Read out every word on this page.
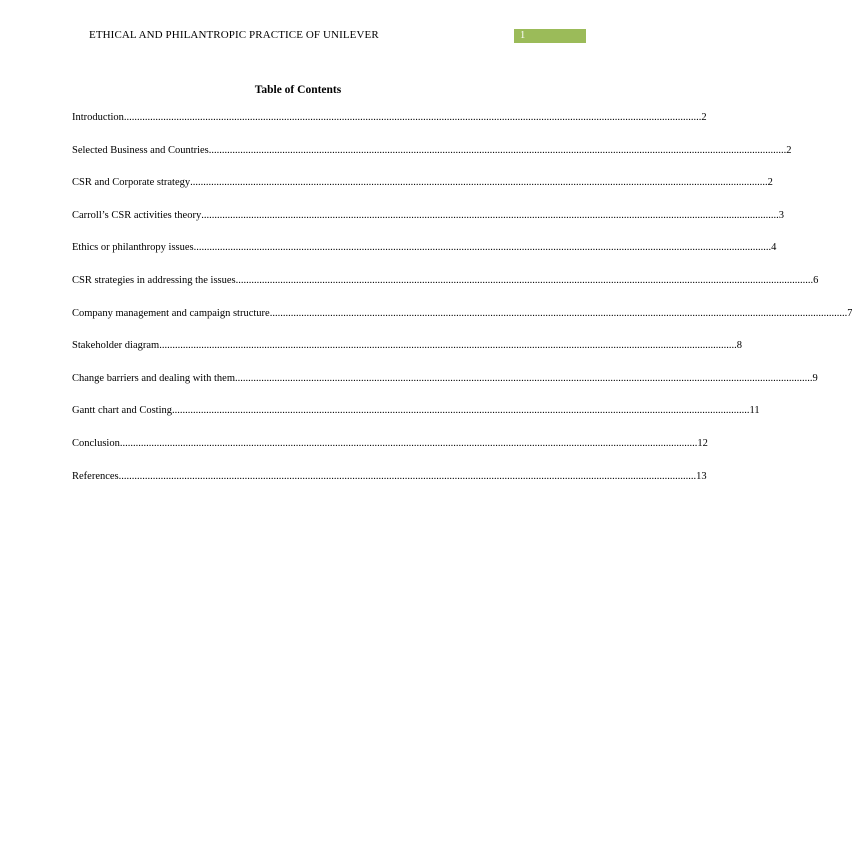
ETHICAL AND PHILANTROPIC PRACTICE OF UNILEVER	1
Table of Contents
Introduction ............................................................................................................................................................................................................................ 2
Selected Business and Countries ............................................................................................................................................................................................................................ 2
CSR and Corporate strategy ............................................................................................................................................................................................................................ 2
Carroll’s CSR activities theory ............................................................................................................................................................................................................................ 3
Ethics or philanthropy issues ............................................................................................................................................................................................................................ 4
CSR strategies in addressing the issues ............................................................................................................................................................................................................................ 6
Company management and campaign structure ............................................................................................................................................................................................................................ 7
Stakeholder diagram ............................................................................................................................................................................................................................ 8
Change barriers and dealing with them ............................................................................................................................................................................................................................ 9
Gantt chart and Costing ............................................................................................................................................................................................................................ 11
Conclusion ............................................................................................................................................................................................................................ 12
References ............................................................................................................................................................................................................................ 13
